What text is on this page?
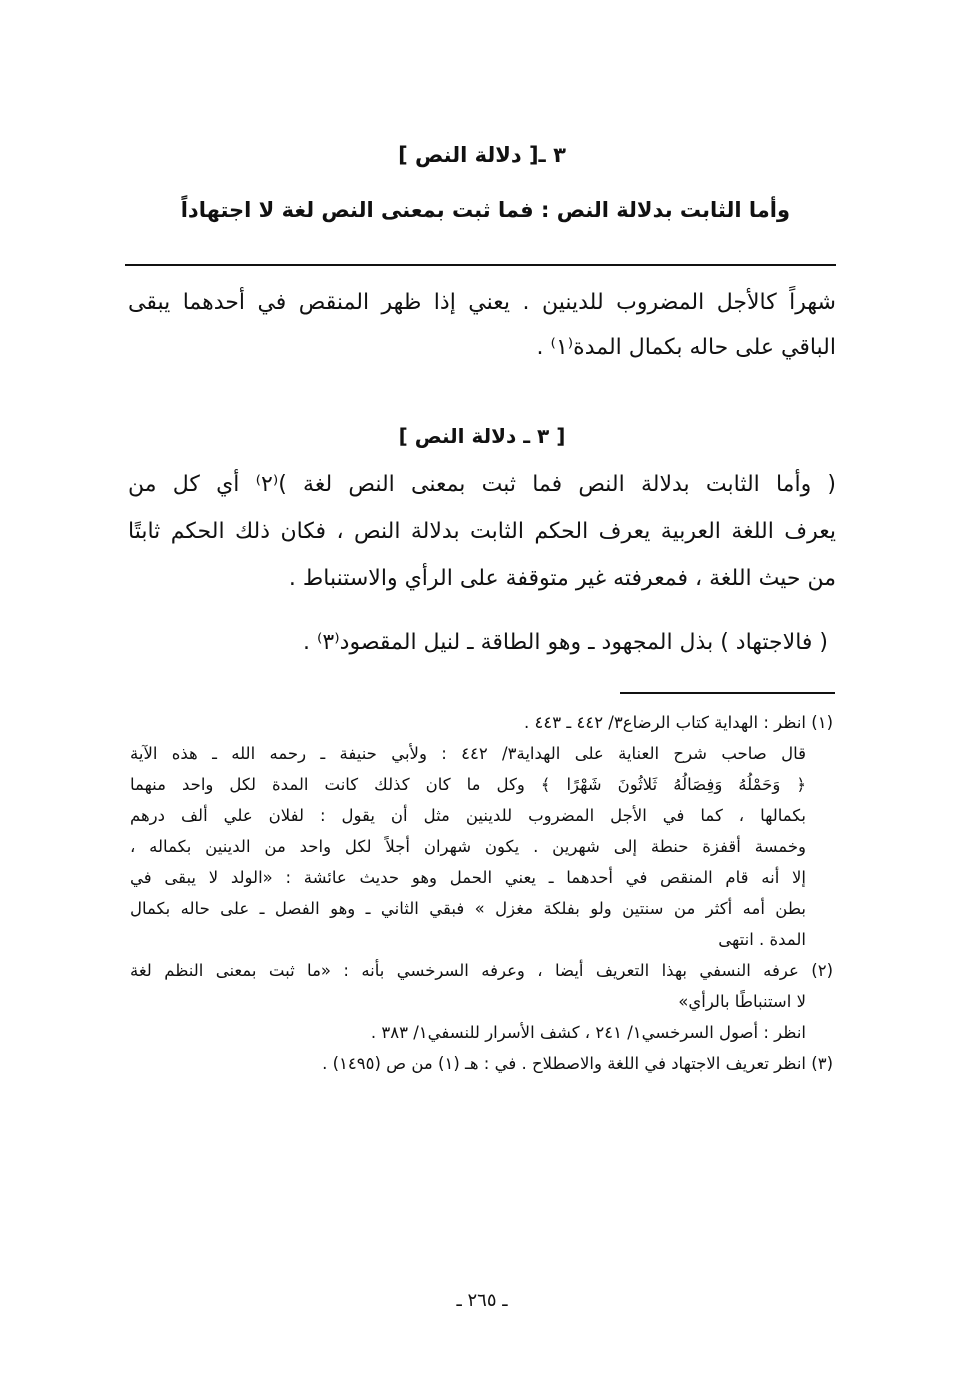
٣ ـ[ دلالة النص ]
وأما الثابت بدلالة النص : فما ثبت بمعنى النص لغة لا اجتهاداً
شهراً كالأجل المضروب للدينين . يعني إذا ظهر المنقص في أحدهما يبقى
الباقي على حاله بكمال المدة⁽١⁾ .
[ ٣ ـ دلالة النص ]
( وأما الثابت بدلالة النص فما ثبت بمعنى النص لغة )⁽٢⁾ أي كل من
يعرف اللغة العربية يعرف الحكم الثابت بدلالة النص ، فكان ذلك الحكم ثابتًا
من حيث اللغة ، فمعرفته غير متوقفة على الرأي والاستنباط .
( فالاجتهاد ) بذل المجهود ـ وهو الطاقة ـ لنيل المقصود⁽٣⁾ .
(١) انظر : الهداية كتاب الرضاع٣/ ٤٤٢ ـ ٤٤٣ .
قال صاحب شرح العناية على الهداية٣/ ٤٤٢ : ولأبي حنيفة ـ رحمه الله ـ هذه الآية
﴿ وَحَمْلُهُ وَفِصَالُهُ ثَلاثُونَ شَهْرًا ﴾ وكل ما كان كذلك كانت المدة لكل واحد منهما
بكمالها ، كما في الأجل المضروب للدينين مثل أن يقول : لفلان علي ألف درهم
وخمسة أقفزة حنطة إلى شهرين . يكون شهران أجلاً لكل واحد من الدينين بكماله ،
إلا أنه قام المنقص في أحدهما ـ يعني الحمل وهو حديث عائشة : «الولد لا يبقى في
بطن أمه أكثر من سنتين ولو بفلكة مغزل » فبقي الثاني ـ وهو الفصل ـ على حاله بكمال
المدة . انتهى
(٢) عرفه النسفي بهذا التعريف أيضا ، وعرفه السرخسي بأنه : «ما ثبت بمعنى النظم لغة
لا استنباطًا بالرأي»
انظر : أصول السرخسي١/ ٢٤١ ، كشف الأسرار للنسفي١/ ٣٨٣ .
(٣) انظر تعريف الاجتهاد في اللغة والاصطلاح . في : هـ (١) من ص (١٤٩٥) .
ـ ٢٦٥ ـ
